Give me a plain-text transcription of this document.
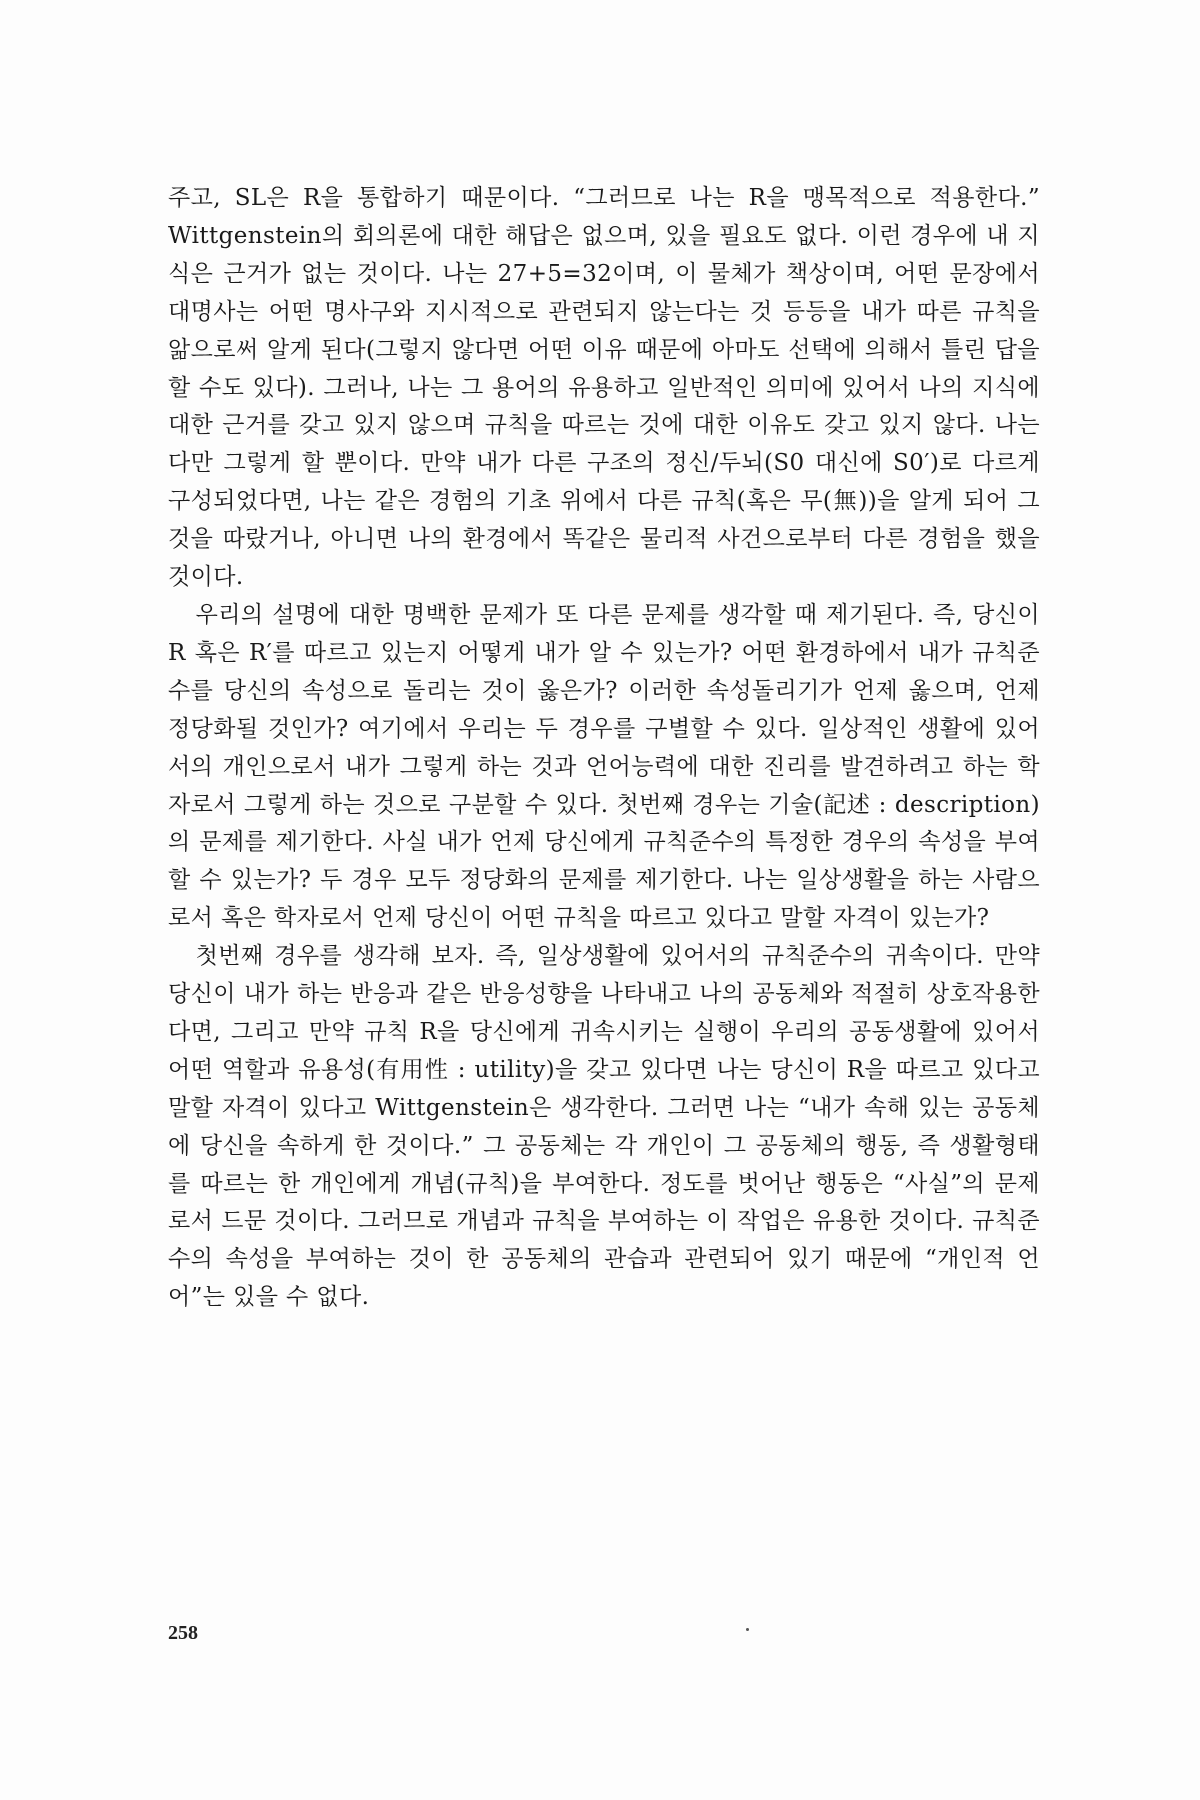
주고, SL은 R을 통합하기 때문이다. “그러므로 나는 R을 맹목적으로 적용한다.” Wittgenstein의 회의론에 대한 해답은 없으며, 있을 필요도 없다. 이런 경우에 내 지식은 근거가 없는 것이다. 나는 27+5=32이며, 이 물체가 책상이며, 어떤 문장에서 대명사는 어떤 명사구와 지시적으로 관련되지 않는다는 것 등등을 내가 따른 규칙을 앎으로써 알게 된다(그렇지 않다면 어떤 이유 때문에 아마도 선택에 의해서 틀린 답을 할 수도 있다). 그러나, 나는 그 용어의 유용하고 일반적인 의미에 있어서 나의 지식에 대한 근거를 갖고 있지 않으며 규칙을 따르는 것에 대한 이유도 갖고 있지 않다. 나는 다만 그렇게 할 뿐이다. 만약 내가 다른 구조의 정신/두뇌(S0 대신에 S0′)로 다르게 구성되었다면, 나는 같은 경험의 기초 위에서 다른 규칙(혹은 무(無))을 알게 되어 그것을 따랐거나, 아니면 나의 환경에서 똑같은 물리적 사건으로부터 다른 경험을 했을 것이다.

우리의 설명에 대한 명백한 문제가 또 다른 문제를 생각할 때 제기된다. 즉, 당신이 R 혹은 R′를 따르고 있는지 어떻게 내가 알 수 있는가? 어떤 환경하에서 내가 규칙준수를 당신의 속성으로 돌리는 것이 옳은가? 이러한 속성돌리기가 언제 옳으며, 언제 정당화될 것인가? 여기에서 우리는 두 경우를 구별할 수 있다. 일상적인 생활에 있어서의 개인으로서 내가 그렇게 하는 것과 언어능력에 대한 진리를 발견하려고 하는 학자로서 그렇게 하는 것으로 구분할 수 있다. 첫번째 경우는 기술(記述 : description)의 문제를 제기한다. 사실 내가 언제 당신에게 규칙준수의 특정한 경우의 속성을 부여할 수 있는가? 두 경우 모두 정당화의 문제를 제기한다. 나는 일상생활을 하는 사람으로서 혹은 학자로서 언제 당신이 어떤 규칙을 따르고 있다고 말할 자격이 있는가?

첫번째 경우를 생각해 보자. 즉, 일상생활에 있어서의 규칙준수의 귀속이다. 만약 당신이 내가 하는 반응과 같은 반응성향을 나타내고 나의 공동체와 적절히 상호작용한다면, 그리고 만약 규칙 R을 당신에게 귀속시키는 실행이 우리의 공동생활에 있어서 어떤 역할과 유용성(有用性 : utility)을 갖고 있다면 나는 당신이 R을 따르고 있다고 말할 자격이 있다고 Wittgenstein은 생각한다. 그러면 나는 “내가 속해 있는 공동체에 당신을 속하게 한 것이다.” 그 공동체는 각 개인이 그 공동체의 행동, 즉 생활형태를 따르는 한 개인에게 개념(규칙)을 부여한다. 정도를 벗어난 행동은 “사실”의 문제로서 드문 것이다. 그러므로 개념과 규칙을 부여하는 이 작업은 유용한 것이다. 규칙준수의 속성을 부여하는 것이 한 공동체의 관습과 관련되어 있기 때문에 “개인적 언어”는 있을 수 없다.

258
